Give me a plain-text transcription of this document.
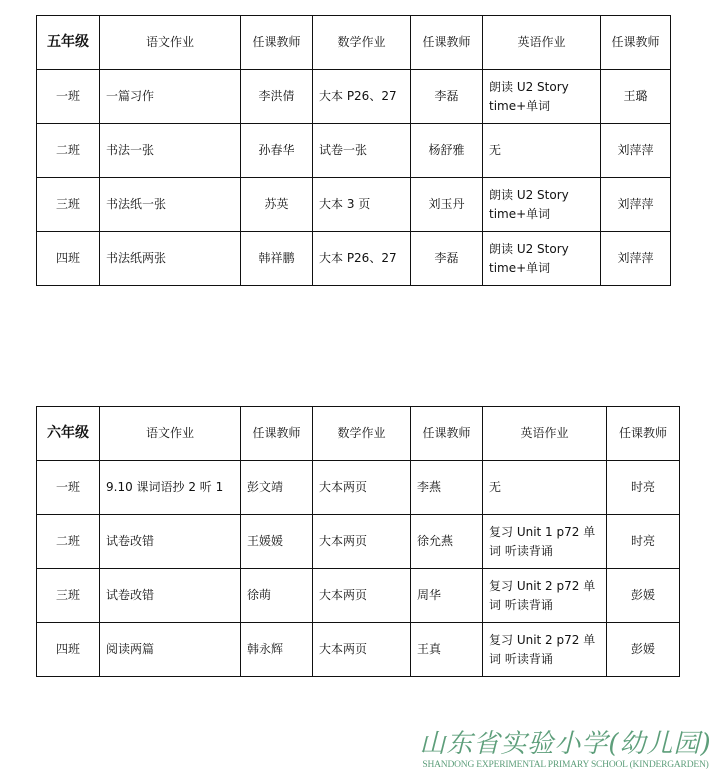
五年级	语文作业	任课教师	数学作业	任课教师	英语作业	任课教师
一班	一篇习作	李洪倩	大本 P26、27	李磊	朗读 U2 Story time+单词	王璐
二班	书法一张	孙春华	试卷一张	杨舒雅	无	刘萍萍
三班	书法纸一张	苏英	大本 3 页	刘玉丹	朗读 U2 Story time+单词	刘萍萍
四班	书法纸两张	韩祥鹏	大本 P26、27	李磊	朗读 U2 Story time+单词	刘萍萍
六年级	语文作业	任课教师	数学作业	任课教师	英语作业	任课教师
一班	9.10 课词语抄 2 听 1	彭文靖	大本两页	李燕	无	时亮
二班	试卷改错	王媛媛	大本两页	徐允燕	复习 Unit 1 p72 单词 听读背诵	时亮
三班	试卷改错	徐萌	大本两页	周华	复习 Unit 2 p72 单词 听读背诵	彭媛
四班	阅读两篇	韩永辉	大本两页	王真	复习 Unit 2 p72 单词 听读背诵	彭媛
山东省实验小学(幼儿园)
SHANDONG EXPERIMENTAL PRIMARY SCHOOL (KINDERGARDEN)
